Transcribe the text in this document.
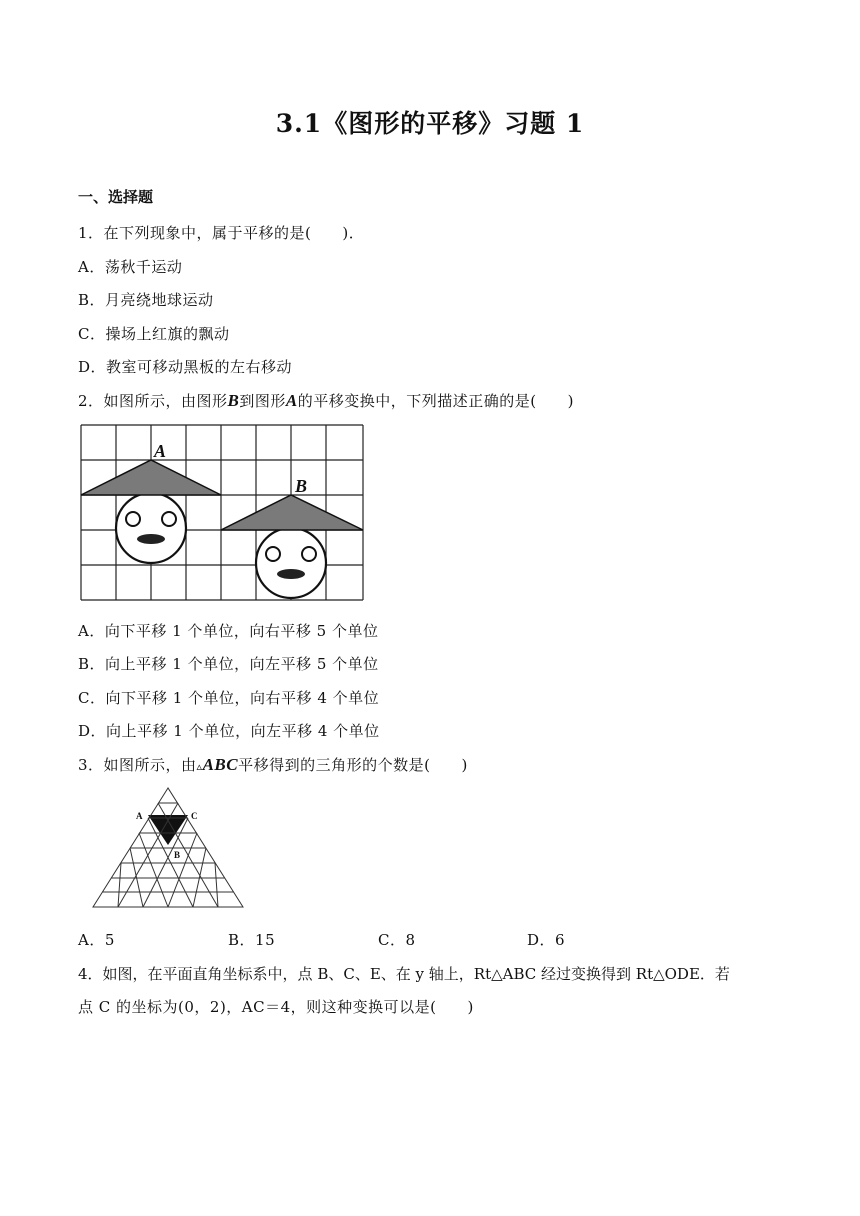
3.1《图形的平移》习题 1
一、选择题
1．在下列现象中，属于平移的是(　　)．
A．荡秋千运动
B．月亮绕地球运动
C．操场上红旗的飘动
D．教室可移动黑板的左右移动
2．如图所示，由图形B到图形A的平移变换中，下列描述正确的是(　　)
A
B
A．向下平移 1 个单位，向右平移 5 个单位
B．向上平移 1 个单位，向左平移 5 个单位
C．向下平移 1 个单位，向右平移 4 个单位
D．向上平移 1 个单位，向左平移 4 个单位
3．如图所示，由▵ABC平移得到的三角形的个数是(　　)
A	C
B
A．5	B．15	C．8	D．6
4．如图，在平面直角坐标系中，点 B、C、E、在 y 轴上，Rt△ABC 经过变换得到 Rt△ODE．若
点 C 的坐标为(0，2)，AC＝4，则这种变换可以是(　　)
